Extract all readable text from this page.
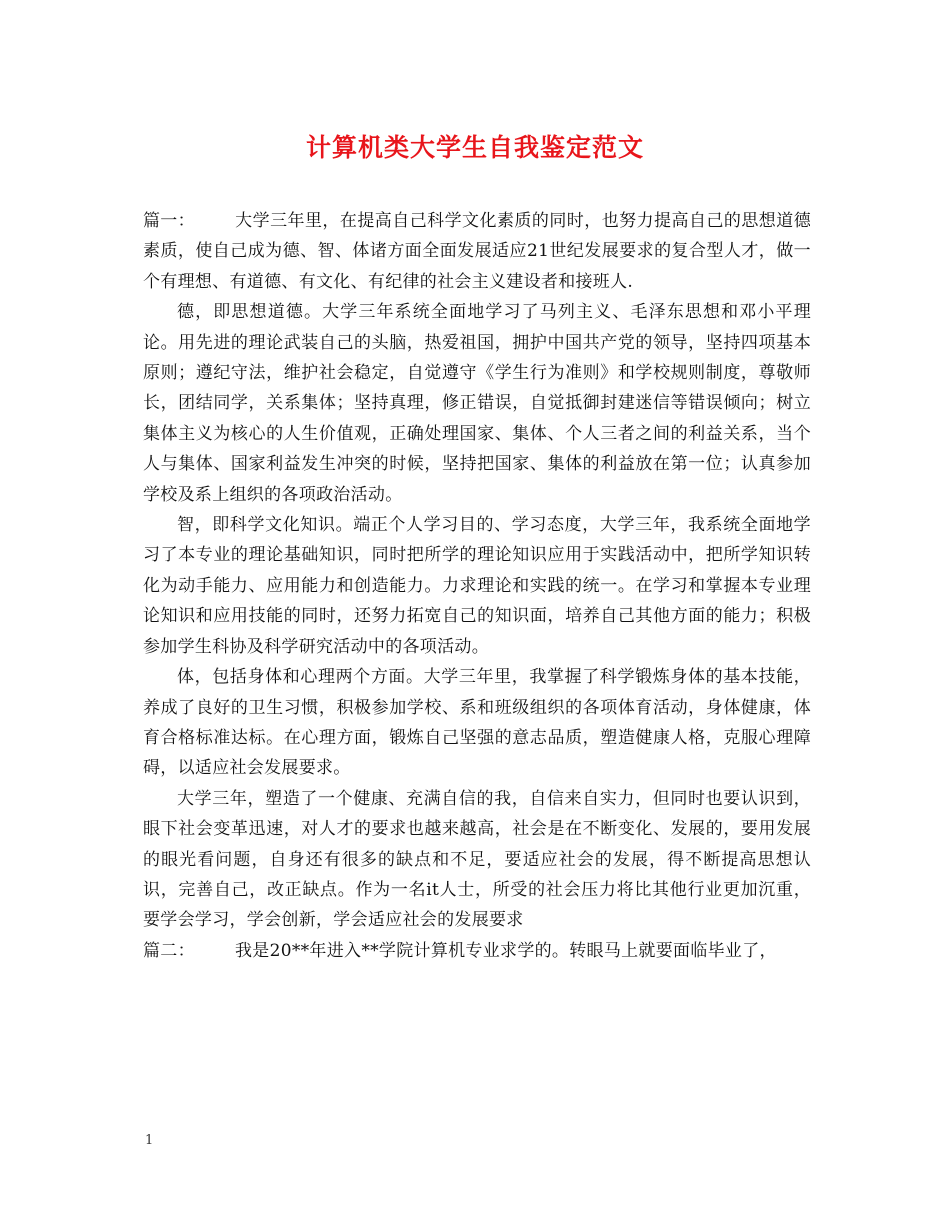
计算机类大学生自我鉴定范文

篇一： 大学三年里，在提高自己科学文化素质的同时，也努力提高自己的思想道德素质，使自己成为德、智、体诸方面全面发展适应21世纪发展要求的复合型人才，做一个有理想、有道德、有文化、有纪律的社会主义建设者和接班人.

德，即思想道德。大学三年系统全面地学习了马列主义、毛泽东思想和邓小平理论。用先进的理论武装自己的头脑，热爱祖国，拥护中国共产党的领导，坚持四项基本原则；遵纪守法，维护社会稳定，自觉遵守《学生行为准则》和学校规则制度，尊敬师长，团结同学，关系集体；坚持真理，修正错误，自觉抵御封建迷信等错误倾向；树立集体主义为核心的人生价值观，正确处理国家、集体、个人三者之间的利益关系，当个人与集体、国家利益发生冲突的时候，坚持把国家、集体的利益放在第一位；认真参加学校及系上组织的各项政治活动。

智，即科学文化知识。端正个人学习目的、学习态度，大学三年，我系统全面地学习了本专业的理论基础知识，同时把所学的理论知识应用于实践活动中，把所学知识转化为动手能力、应用能力和创造能力。力求理论和实践的统一。在学习和掌握本专业理论知识和应用技能的同时，还努力拓宽自己的知识面，培养自己其他方面的能力；积极参加学生科协及科学研究活动中的各项活动。

体，包括身体和心理两个方面。大学三年里，我掌握了科学锻炼身体的基本技能，养成了良好的卫生习惯，积极参加学校、系和班级组织的各项体育活动，身体健康，体育合格标准达标。在心理方面，锻炼自己坚强的意志品质，塑造健康人格，克服心理障碍，以适应社会发展要求。

大学三年，塑造了一个健康、充满自信的我，自信来自实力，但同时也要认识到，眼下社会变革迅速，对人才的要求也越来越高，社会是在不断变化、发展的，要用发展的眼光看问题，自身还有很多的缺点和不足，要适应社会的发展，得不断提高思想认识，完善自己，改正缺点。作为一名it人士，所受的社会压力将比其他行业更加沉重，要学会学习，学会创新，学会适应社会的发展要求

篇二： 我是20**年进入**学院计算机专业求学的。转眼马上就要面临毕业了，

1
